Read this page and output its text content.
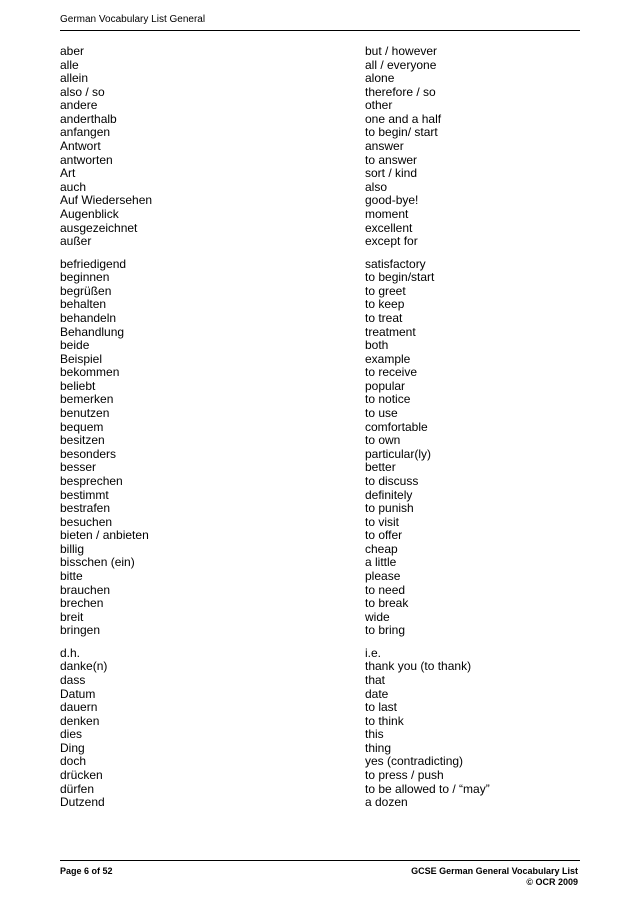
German Vocabulary List General
aber	but / however
alle	all / everyone
allein	alone
also / so	therefore / so
andere	other
anderthalb	one and a half
anfangen	to begin/ start
Antwort	answer
antworten	to answer
Art	sort / kind
auch	also
Auf Wiedersehen	good-bye!
Augenblick	moment
ausgezeichnet	excellent
außer	except for
befriedigend	satisfactory
beginnen	to begin/start
begrüßen	to greet
behalten	to keep
behandeln	to treat
Behandlung	treatment
beide	both
Beispiel	example
bekommen	to receive
beliebt	popular
bemerken	to notice
benutzen	to use
bequem	comfortable
besitzen	to own
besonders	particular(ly)
besser	better
besprechen	to discuss
bestimmt	definitely
bestrafen	to punish
besuchen	to visit
bieten / anbieten	to offer
billig	cheap
bisschen (ein)	a little
bitte	please
brauchen	to need
brechen	to break
breit	wide
bringen	to bring
d.h.	i.e.
danke(n)	thank you (to thank)
dass	that
Datum	date
dauern	to last
denken	to think
dies	this
Ding	thing
doch	yes (contradicting)
drücken	to press / push
dürfen	to be allowed to / “may”
Dutzend	a dozen
Page 6 of 52	GCSE German General Vocabulary List
© OCR 2009
